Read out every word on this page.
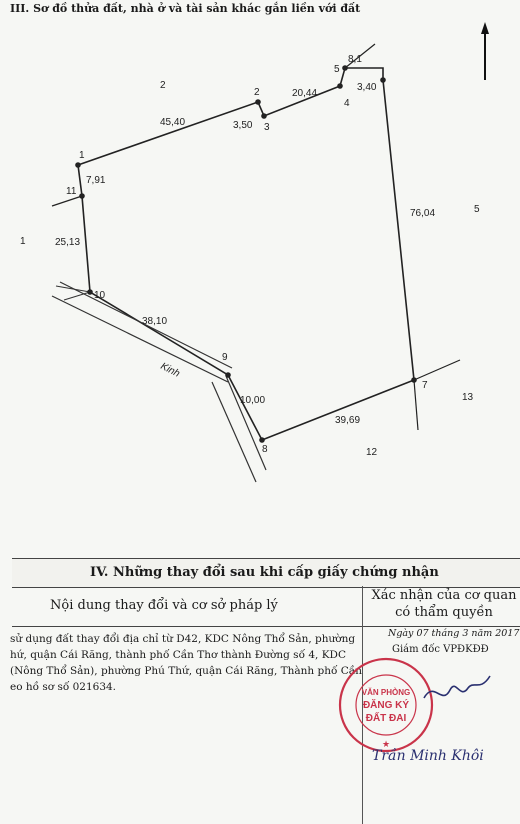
III. Sơ đồ thửa đất, nhà ở và tài sản khác gắn liền với đất
1
2
3
4
5
8,1
7
8
9
10
11
45,40	3,50
20,44
3,40
76,04
39,69
38,10
25,13
7,91
10,00
2
1
5
13
12
Kinh
IV. Những thay đổi sau khi cấp giấy chứng nhận
Nội dung thay đổi và cơ sở pháp lý
Xác nhận của cơ quan
có thẩm quyền
sử dụng đất thay đổi địa chỉ từ D42, KDC Nông Thổ Sản, phường
hứ, quận Cái Răng, thành phố Cần Thơ thành Đường số 4, KDC
(Nông Thổ Sản), phường Phú Thứ, quận Cái Răng, Thành phố Cần
eo hồ sơ số 021634.
Ngày 07 tháng 3 năm 2017
Giám đốc VPĐKĐĐ
VĂN PHÒNG
ĐĂNG KÝ
ĐẤT ĐAI
★
Trần Minh Khôi
